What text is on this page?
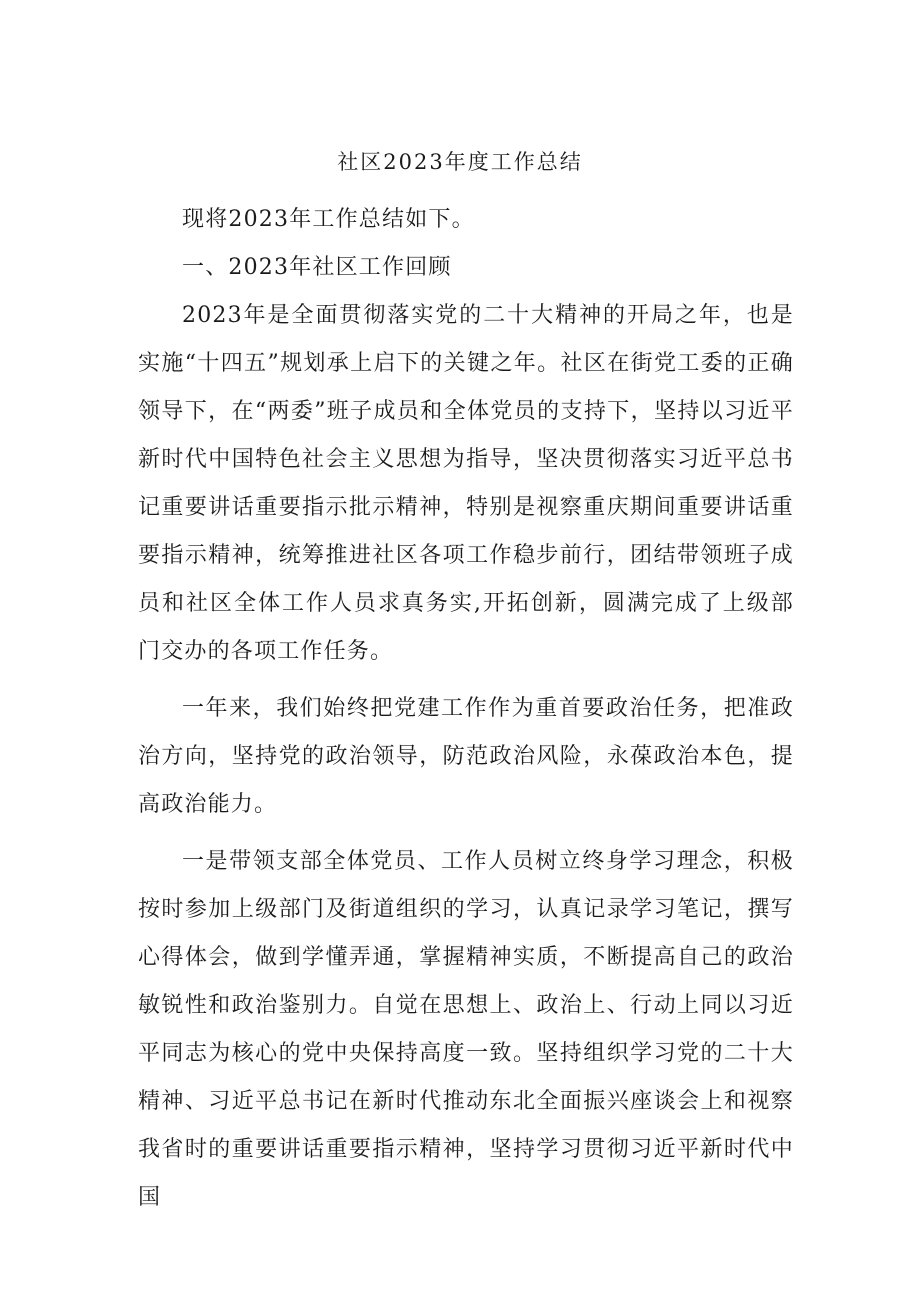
社区2023年度工作总结

现将2023年工作总结如下。

一、2023年社区工作回顾

2023年是全面贯彻落实党的二十大精神的开局之年，也是实施“十四五”规划承上启下的关键之年。社区在街党工委的正确领导下，在“两委”班子成员和全体党员的支持下，坚持以习近平新时代中国特色社会主义思想为指导，坚决贯彻落实习近平总书记重要讲话重要指示批示精神，特别是视察重庆期间重要讲话重要指示精神，统筹推进社区各项工作稳步前行，团结带领班子成员和社区全体工作人员求真务实,开拓创新，圆满完成了上级部门交办的各项工作任务。

一年来，我们始终把党建工作作为重首要政治任务，把准政治方向，坚持党的政治领导，防范政治风险，永葆政治本色，提高政治能力。

一是带领支部全体党员、工作人员树立终身学习理念，积极按时参加上级部门及街道组织的学习，认真记录学习笔记，撰写心得体会，做到学懂弄通，掌握精神实质，不断提高自己的政治敏锐性和政治鉴别力。自觉在思想上、政治上、行动上同以习近平同志为核心的党中央保持高度一致。坚持组织学习党的二十大精神、习近平总书记在新时代推动东北全面振兴座谈会上和视察我省时的重要讲话重要指示精神，坚持学习贯彻习近平新时代中国
